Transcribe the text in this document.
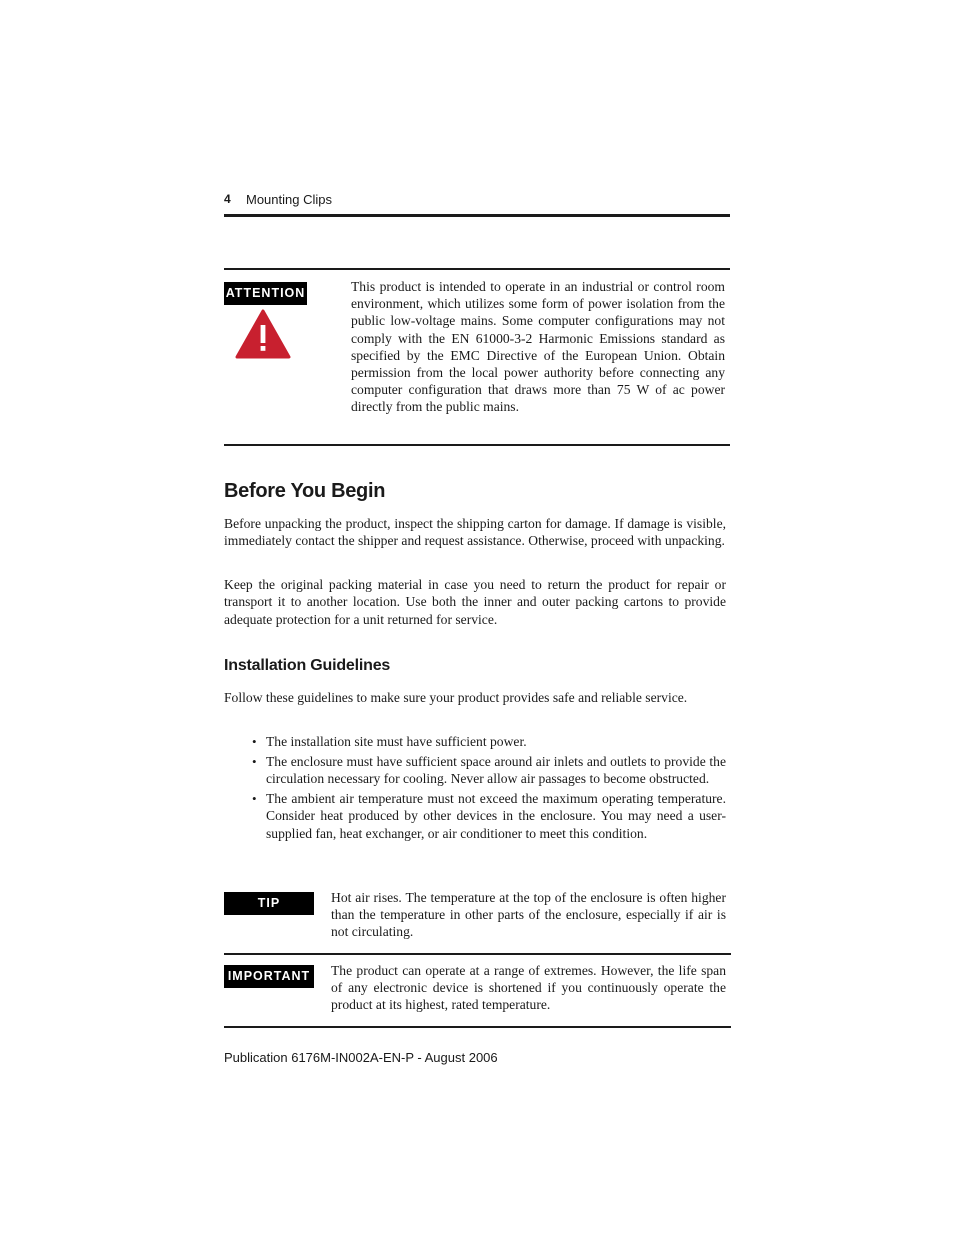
4 Mounting Clips
ATTENTION	This product is intended to operate in an industrial or control room environment, which utilizes some form of power isolation from the public low-voltage mains. Some computer configurations may not comply with the EN 61000-3-2 Harmonic Emissions standard as specified by the EMC Directive of the European Union. Obtain permission from the local power authority before connecting any computer configuration that draws more than 75 W of ac power directly from the public mains.
Before You Begin

Before unpacking the product, inspect the shipping carton for damage. If damage is visible, immediately contact the shipper and request assistance. Otherwise, proceed with unpacking.

Keep the original packing material in case you need to return the product for repair or transport it to another location. Use both the inner and outer packing cartons to provide adequate protection for a unit returned for service.

Installation Guidelines

Follow these guidelines to make sure your product provides safe and reliable service.

• The installation site must have sufficient power.
• The enclosure must have sufficient space around air inlets and outlets to provide the circulation necessary for cooling. Never allow air passages to become obstructed.
• The ambient air temperature must not exceed the maximum operating temperature. Consider heat produced by other devices in the enclosure. You may need a user-supplied fan, heat exchanger, or air conditioner to meet this condition.
TIP	Hot air rises. The temperature at the top of the enclosure is often higher than the temperature in other parts of the enclosure, especially if air is not circulating.
IMPORTANT The product can operate at a range of extremes. However, the life span of any electronic device is shortened if you continuously operate the product at its highest, rated temperature.
Publication 6176M-IN002A-EN-P - August 2006
